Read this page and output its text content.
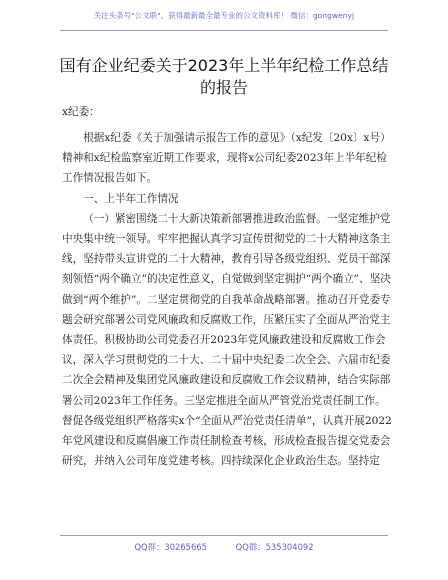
关注头条号"公文联"，获得最新最全最专业的公文资料库！ 微信：gongwenyj
国有企业纪委关于2023年上半年纪检工作总结
的报告
x纪委：

根据x纪委《关于加强请示报告工作的意见》（x纪发〔20x〕x号）精神和x纪检监察室近期工作要求，现将x公司纪委2023年上半年纪检工作情况报告如下。

一、上半年工作情况

（一）紧密围绕二十大新决策新部署推进政治监督。一坚定维护党中央集中统一领导。牢牢把握认真学习宣传贯彻党的二十大精神这条主线，坚持带头宣讲党的二十大精神，教育引导各级党组织、党员干部深刻领悟“两个确立”的决定性意义，自觉做到坚定拥护“两个确立”、坚决做到“两个维护”。二坚定贯彻党的自我革命战略部署。推动召开党委专题会研究部署公司党风廉政和反腐败工作，压紧压实了全面从严治党主体责任。积极协助公司党委召开2023年党风廉政建设和反腐败工作会议，深入学习贯彻党的二十大、二十届中央纪委二次全会、六届市纪委二次全会精神及集团党风廉政建设和反腐败工作会议精神，结合实际部署公司2023年工作任务。三坚定推进全面从严管党治党责任制工作。督促各级党组织严格落实x个“全面从严治党责任清单”，认真开展2022年党风建设和反腐倡廉工作责任制检查考核，形成检查报告提交党委会研究，并纳入公司年度党建考核。四持续深化企业政治生态。坚持定

QQ群：30265665	QQ群：535304092
